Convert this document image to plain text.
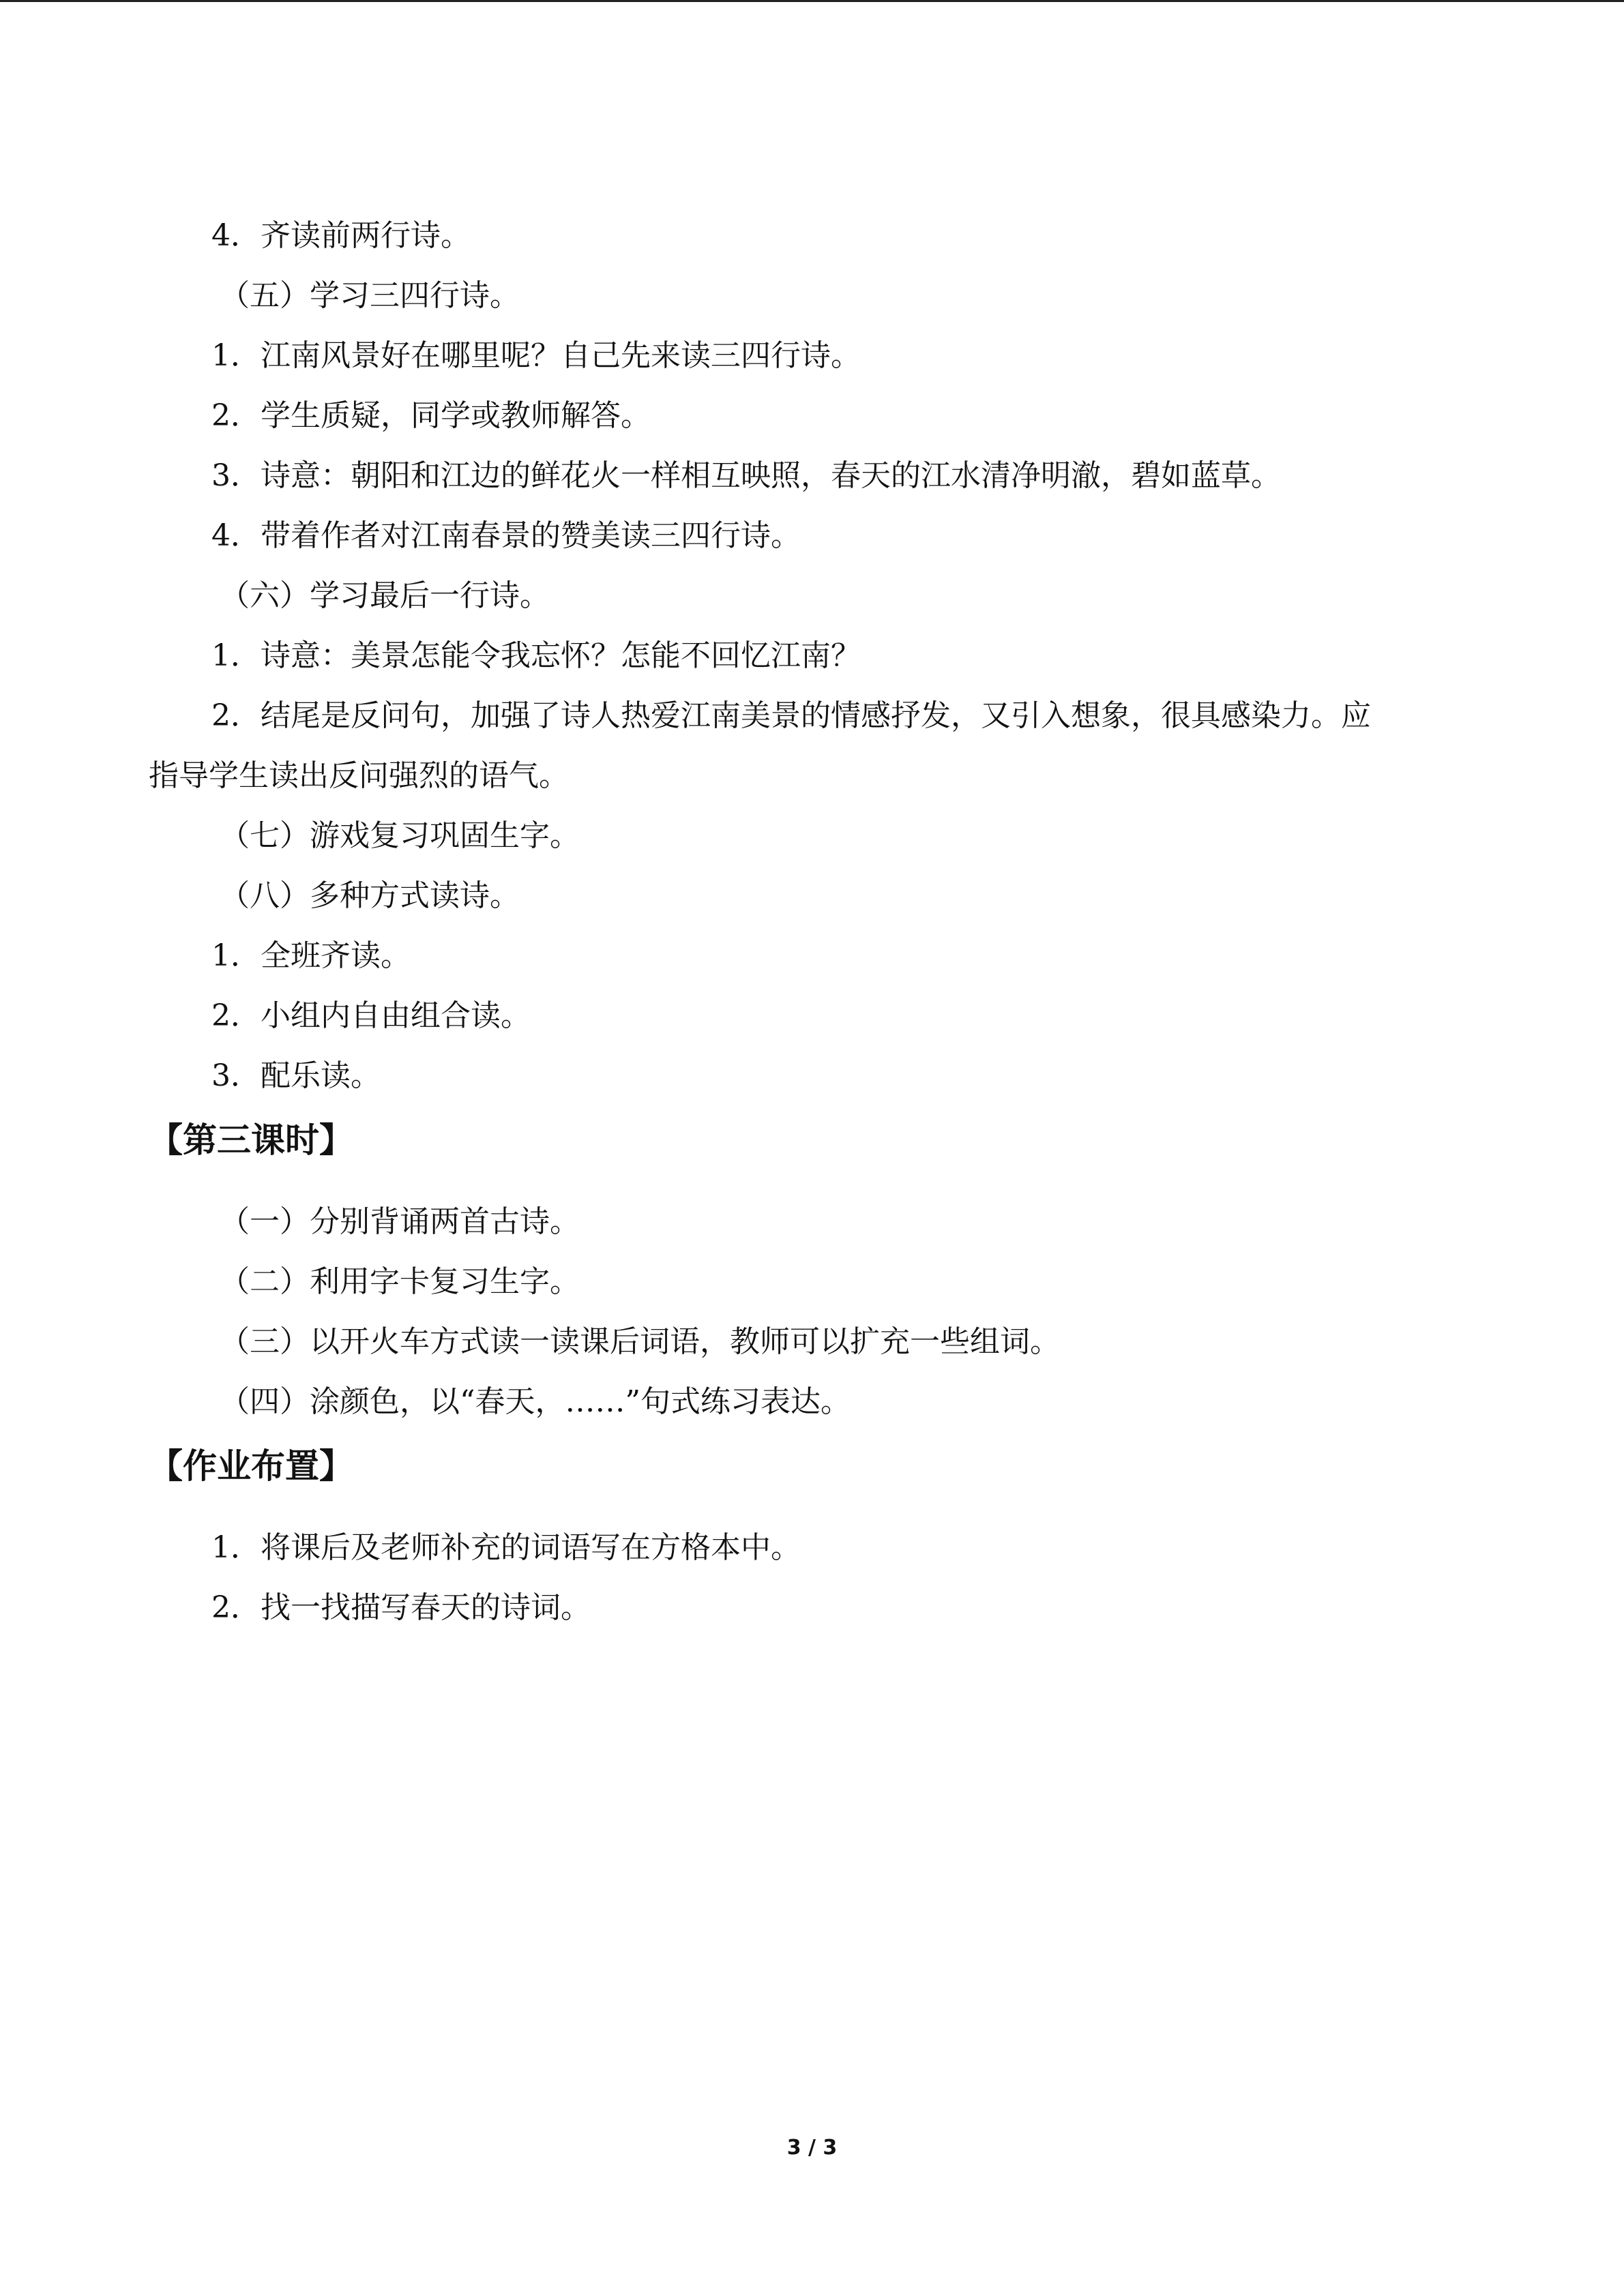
4．齐读前两行诗。
（五）学习三四行诗。
1．江南风景好在哪里呢？自己先来读三四行诗。
2．学生质疑，同学或教师解答。
3．诗意：朝阳和江边的鲜花火一样相互映照，春天的江水清净明澈，碧如蓝草。
4．带着作者对江南春景的赞美读三四行诗。
（六）学习最后一行诗。
1．诗意：美景怎能令我忘怀？怎能不回忆江南？
2．结尾是反问句，加强了诗人热爱江南美景的情感抒发，又引入想象，很具感染力。应
指导学生读出反问强烈的语气。
（七）游戏复习巩固生字。
（八）多种方式读诗。
1．全班齐读。
2．小组内自由组合读。
3．配乐读。
【第三课时】
（一）分别背诵两首古诗。
（二）利用字卡复习生字。
（三）以开火车方式读一读课后词语，教师可以扩充一些组词。
（四）涂颜色，以“春天，……”句式练习表达。
【作业布置】
1．将课后及老师补充的词语写在方格本中。
2．找一找描写春天的诗词。
3 / 3
